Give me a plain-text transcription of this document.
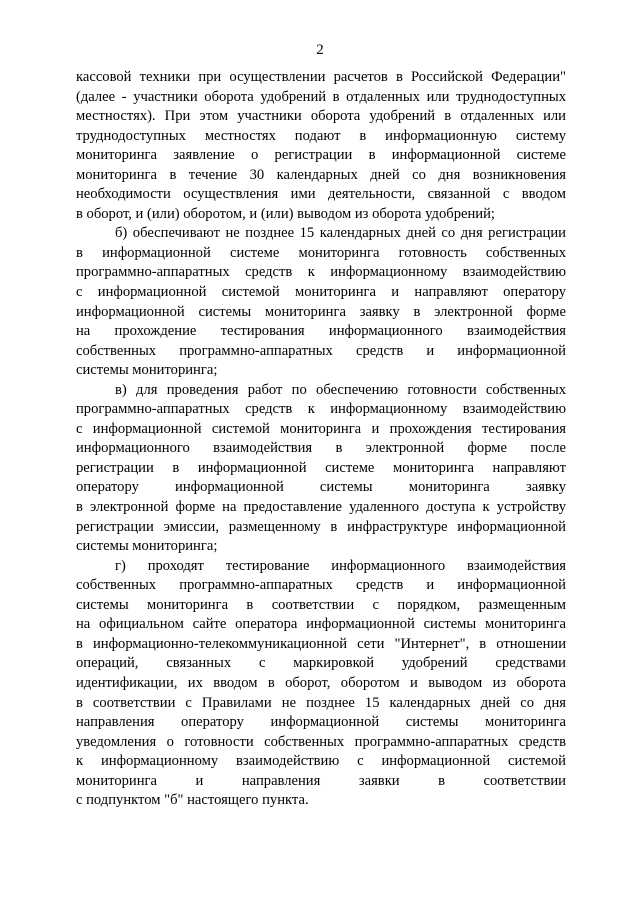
2
кассовой техники при осуществлении расчетов в Российской Федерации"
(далее - участники оборота удобрений в отдаленных или труднодоступных
местностях). При этом участники оборота удобрений в отдаленных или
труднодоступных местностях подают в информационную систему
мониторинга заявление о регистрации в информационной системе
мониторинга в течение 30 календарных дней со дня возникновения
необходимости осуществления ими деятельности, связанной с вводом
в оборот, и (или) оборотом, и (или) выводом из оборота удобрений;
б) обеспечивают не позднее 15 календарных дней со дня регистрации
в информационной системе мониторинга готовность собственных
программно-аппаратных средств к информационному взаимодействию
с информационной системой мониторинга и направляют оператору
информационной системы мониторинга заявку в электронной форме
на прохождение тестирования информационного взаимодействия
собственных программно-аппаратных средств и информационной
системы мониторинга;
в) для проведения работ по обеспечению готовности собственных
программно-аппаратных средств к информационному взаимодействию
с информационной системой мониторинга и прохождения тестирования
информационного взаимодействия в электронной форме после
регистрации в информационной системе мониторинга направляют
оператору информационной системы мониторинга заявку
в электронной форме на предоставление удаленного доступа к устройству
регистрации эмиссии, размещенному в инфраструктуре информационной
системы мониторинга;
г) проходят тестирование информационного взаимодействия
собственных программно-аппаратных средств и информационной
системы мониторинга в соответствии с порядком, размещенным
на официальном сайте оператора информационной системы мониторинга
в информационно-телекоммуникационной сети "Интернет", в отношении
операций, связанных с маркировкой удобрений средствами
идентификации, их вводом в оборот, оборотом и выводом из оборота
в соответствии с Правилами не позднее 15 календарных дней со дня
направления оператору информационной системы мониторинга
уведомления о готовности собственных программно-аппаратных средств
к информационному взаимодействию с информационной системой
мониторинга и направления заявки в соответствии
с подпунктом "б" настоящего пункта.
